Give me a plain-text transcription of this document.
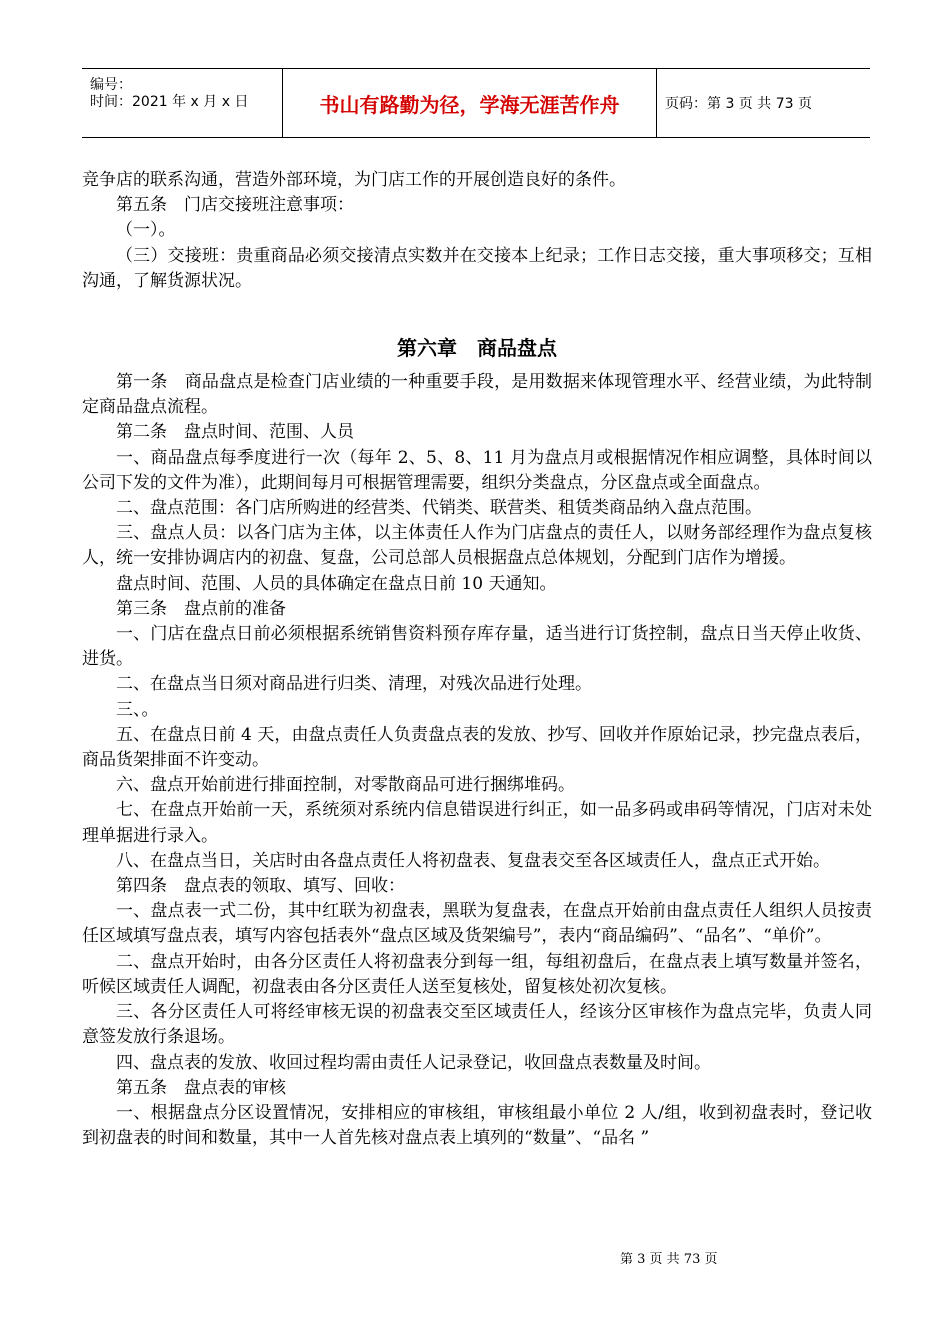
编号：
时间：2021 年 x 月 x 日	书山有路勤为径，学海无涯苦作舟	页码：第 3 页 共 73 页

竞争店的联系沟通，营造外部环境，为门店工作的开展创造良好的条件。

第五条　门店交接班注意事项：

（一）。

（三）交接班：贵重商品必须交接清点实数并在交接本上纪录；工作日志交接，重大事项移交；互相沟通，了解货源状况。

第六章　商品盘点

第一条　商品盘点是检查门店业绩的一种重要手段，是用数据来体现管理水平、经营业绩，为此特制定商品盘点流程。

第二条　盘点时间、范围、人员

一、商品盘点每季度进行一次（每年 2、5、8、11 月为盘点月或根据情况作相应调整，具体时间以公司下发的文件为准），此期间每月可根据管理需要，组织分类盘点，分区盘点或全面盘点。

二、盘点范围：各门店所购进的经营类、代销类、联营类、租赁类商品纳入盘点范围。

三、盘点人员：以各门店为主体，以主体责任人作为门店盘点的责任人，以财务部经理作为盘点复核人，统一安排协调店内的初盘、复盘，公司总部人员根据盘点总体规划，分配到门店作为增援。

盘点时间、范围、人员的具体确定在盘点日前 10 天通知。

第三条　盘点前的准备

一、门店在盘点日前必须根据系统销售资料预存库存量，适当进行订货控制，盘点日当天停止收货、进货。

二、在盘点当日须对商品进行归类、清理，对残次品进行处理。

三、。

五、在盘点日前 4 天，由盘点责任人负责盘点表的发放、抄写、回收并作原始记录，抄完盘点表后，商品货架排面不许变动。

六、盘点开始前进行排面控制，对零散商品可进行捆绑堆码。

七、在盘点开始前一天，系统须对系统内信息错误进行纠正，如一品多码或串码等情况，门店对未处理单据进行录入。

八、在盘点当日，关店时由各盘点责任人将初盘表、复盘表交至各区域责任人，盘点正式开始。

第四条　盘点表的领取、填写、回收：

一、盘点表一式二份，其中红联为初盘表，黑联为复盘表，在盘点开始前由盘点责任人组织人员按责任区域填写盘点表，填写内容包括表外“盘点区域及货架编号”，表内“商品编码”、“品名”、“单价”。

二、盘点开始时，由各分区责任人将初盘表分到每一组，每组初盘后，在盘点表上填写数量并签名，听候区域责任人调配，初盘表由各分区责任人送至复核处，留复核处初次复核。

三、各分区责任人可将经审核无误的初盘表交至区域责任人，经该分区审核作为盘点完毕，负责人同意签发放行条退场。

四、盘点表的发放、收回过程均需由责任人记录登记，收回盘点表数量及时间。

第五条　盘点表的审核

一、根据盘点分区设置情况，安排相应的审核组，审核组最小单位 2 人/组，收到初盘表时，登记收到初盘表的时间和数量，其中一人首先核对盘点表上填列的“数量”、“品名 ”

第 3 页 共 73 页
